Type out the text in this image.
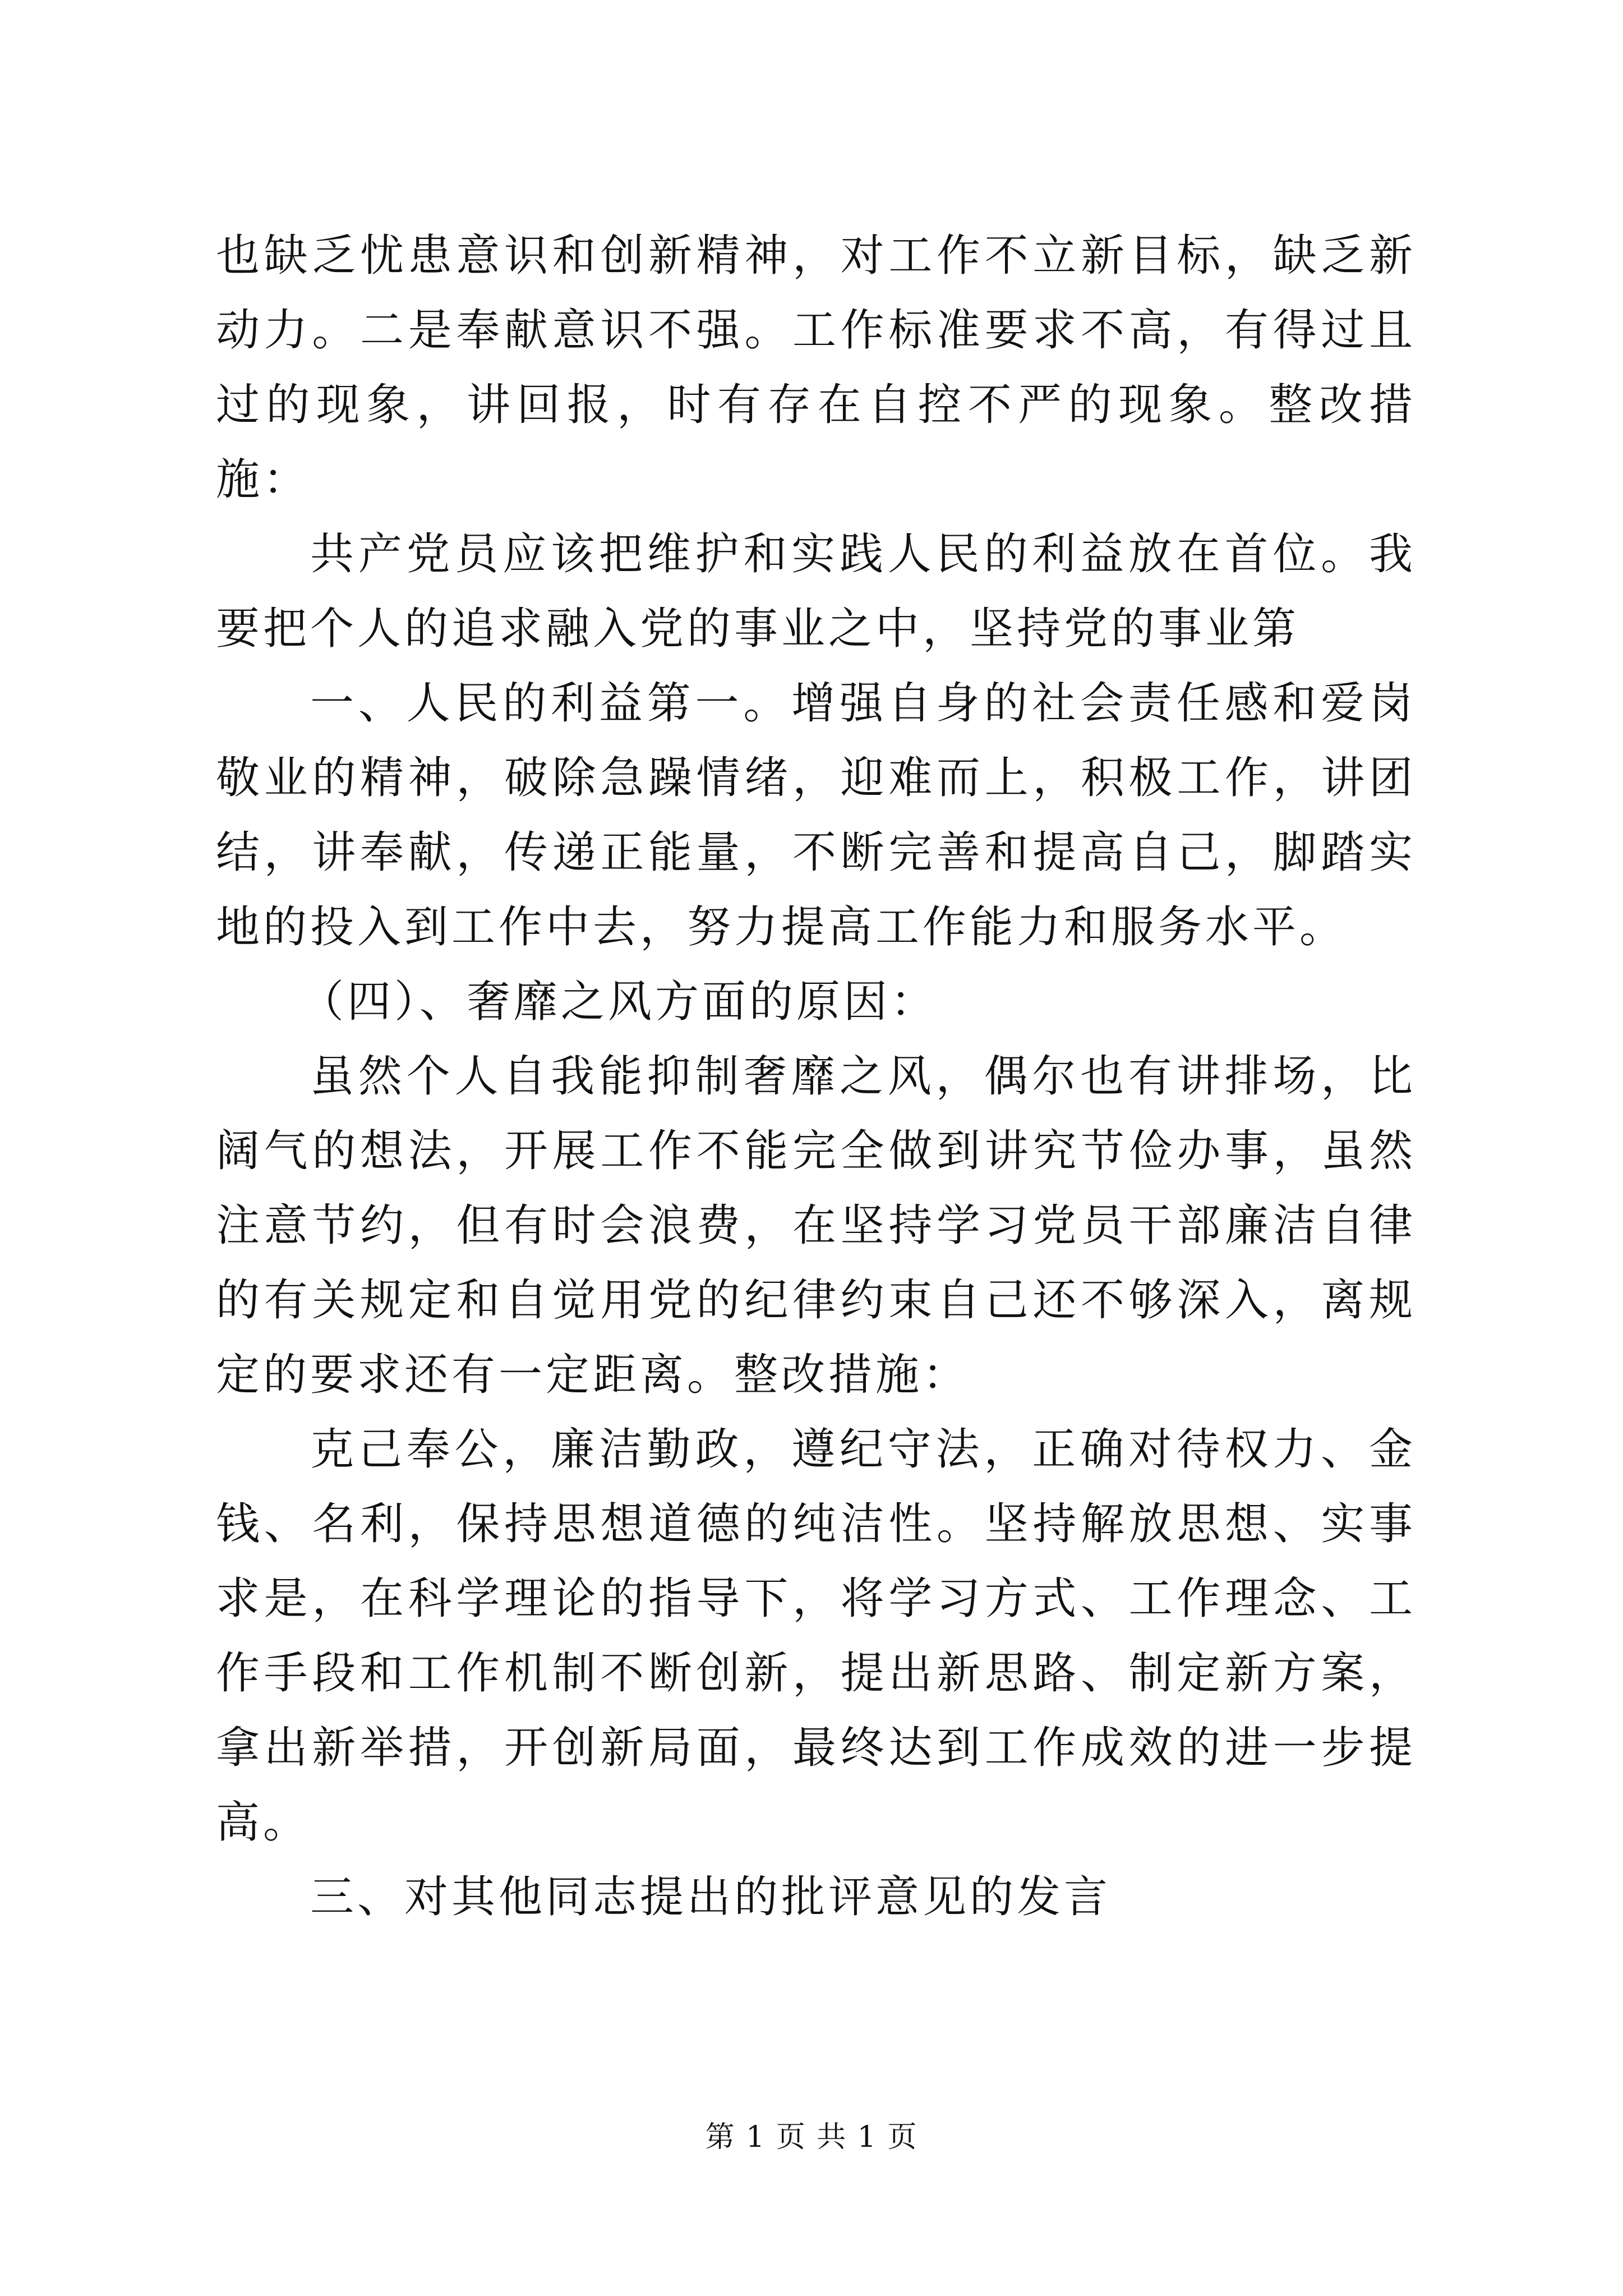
也缺乏忧患意识和创新精神，对工作不立新目标，缺乏新动力。二是奉献意识不强。工作标准要求不高，有得过且过的现象，讲回报，时有存在自控不严的现象。整改措施：

共产党员应该把维护和实践人民的利益放在首位。我要把个人的追求融入党的事业之中，坚持党的事业第

一、人民的利益第一。增强自身的社会责任感和爱岗敬业的精神，破除急躁情绪，迎难而上，积极工作，讲团结，讲奉献，传递正能量，不断完善和提高自己，脚踏实地的投入到工作中去，努力提高工作能力和服务水平。

（四）、奢靡之风方面的原因：

虽然个人自我能抑制奢靡之风，偶尔也有讲排场，比阔气的想法，开展工作不能完全做到讲究节俭办事，虽然注意节约，但有时会浪费，在坚持学习党员干部廉洁自律的有关规定和自觉用党的纪律约束自己还不够深入，离规定的要求还有一定距离。整改措施：

克己奉公，廉洁勤政，遵纪守法，正确对待权力、金钱、名利，保持思想道德的纯洁性。坚持解放思想、实事求是，在科学理论的指导下，将学习方式、工作理念、工作手段和工作机制不断创新，提出新思路、制定新方案，拿出新举措，开创新局面，最终达到工作成效的进一步提高。

三、对其他同志提出的批评意见的发言

第 1 页 共 1 页
